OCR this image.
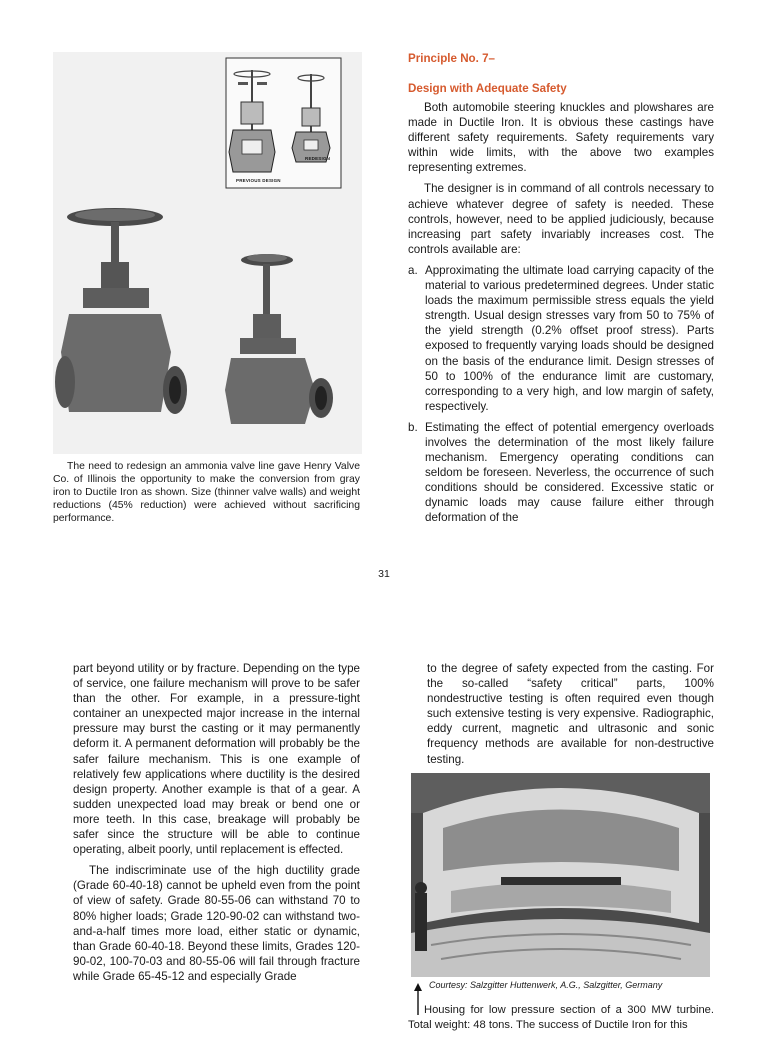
PREVIOUS DESIGN
REDESIGN

The need to redesign an ammonia valve line gave Henry Valve Co. of Illinois the opportunity to make the conversion from gray iron to Ductile Iron as shown. Size (thinner valve walls) and weight reductions (45% reduction) were achieved without sacrificing performance.

Principle No. 7–
Design with Adequate Safety

Both automobile steering knuckles and plowshares are made in Ductile Iron. It is obvious these castings have different safety requirements. Safety requirements vary within wide limits, with the above two examples representing extremes.

The designer is in command of all controls necessary to achieve whatever degree of safety is needed. These controls, however, need to be applied judiciously, because increasing part safety invariably increases cost. The controls available are:

a. Approximating the ultimate load carrying capacity of the material to various predetermined degrees. Under static loads the maximum permissible stress equals the yield strength. Usual design stresses vary from 50 to 75% of the yield strength (0.2% offset proof stress). Parts exposed to frequently varying loads should be designed on the basis of the endurance limit. Design stresses of 50 to 100% of the endurance limit are customary, corresponding to a very high, and low margin of safety, respectively.
b. Estimating the effect of potential emergency overloads involves the determination of the most likely failure mechanism. Emergency operating conditions can seldom be foreseen. Neverless, the occurrence of such conditions should be considered. Excessive static or dynamic loads may cause failure either through deformation of the
31

part beyond utility or by fracture. Depending on the type of service, one failure mechanism will prove to be safer than the other. For example, in a pressure-tight container an unexpected major increase in the internal pressure may burst the casting or it may permanently deform it. A permanent deformation will probably be the safer failure mechanism. This is one example of relatively few applications where ductility is the desired design property. Another example is that of a gear. A sudden unexpected load may break or bend one or more teeth. In this case, breakage will probably be safer since the structure will be able to continue operating, albeit poorly, until replacement is effected.

The indiscriminate use of the high ductility grade (Grade 60-40-18) cannot be upheld even from the point of view of safety. Grade 80-55-06 can withstand 70 to 80% higher loads; Grade 120-90-02 can withstand two-and-a-half times more load, either static or dynamic, than Grade 60-40-18. Beyond these limits, Grades 120-90-02, 100-70-03 and 80-55-06 will fail through fracture while Grade 65-45-12 and especially Grade

to the degree of safety expected from the casting. For the so-called “safety critical” parts, 100% nondestructive testing is often required even though such extensive testing is very expensive. Radiographic, eddy current, magnetic and ultrasonic and sonic frequency methods are available for non-destructive testing.

Courtesy: Salzgitter Huttenwerk, A.G., Salzgitter, Germany

Housing for low pressure section of a 300 MW turbine. Total weight: 48 tons. The success of Ductile Iron for this
